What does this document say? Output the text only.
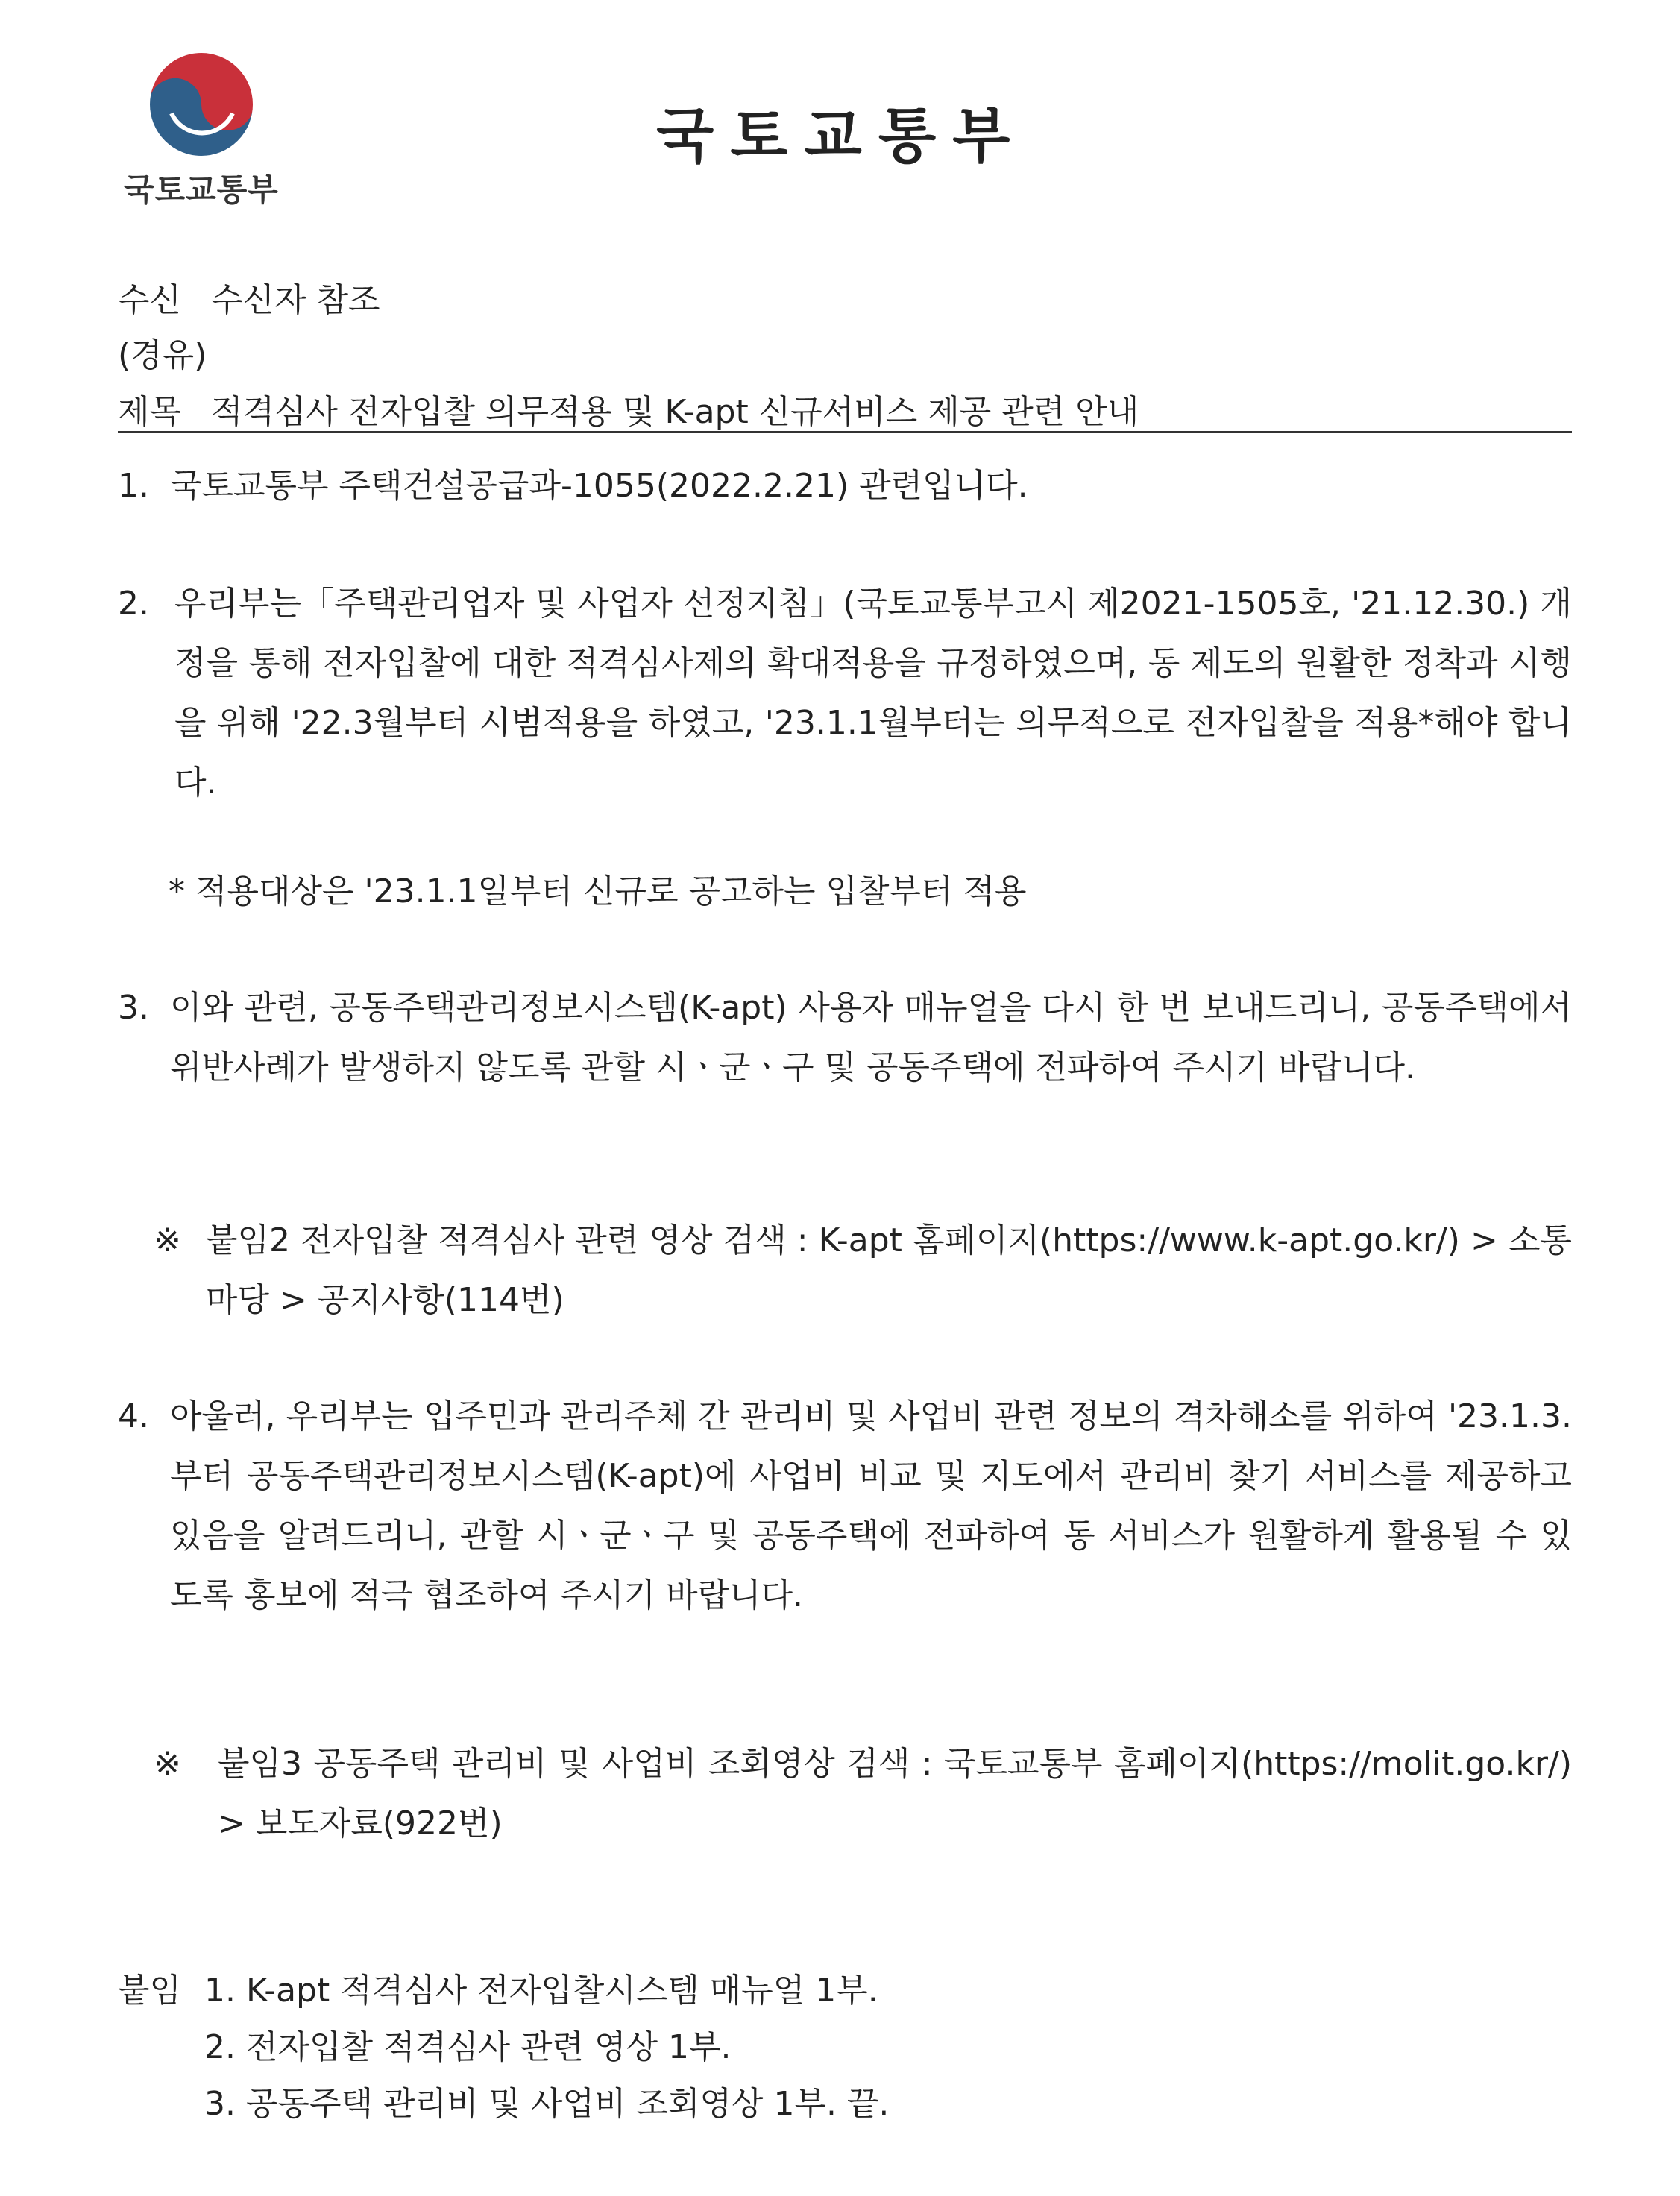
국토교통부
국토교통부
수신 수신자 참조
(경유)
제목 적격심사 전자입찰 의무적용 및 K-apt 신규서비스 제공 관련 안내
1. 국토교통부 주택건설공급과-1055(2022.2.21) 관련입니다.
2. 우리부는「주택관리업자 및 사업자 선정지침」(국토교통부고시 제2021-1505호, '21.12.30.) 개정을 통해 전자입찰에 대한 적격심사제의 확대적용을 규정하였으며, 동 제도의 원활한 정착과 시행을 위해 '22.3월부터 시범적용을 하였고, '23.1.1월부터는 의무적으로 전자입찰을 적용*해야 합니다.
* 적용대상은 '23.1.1일부터 신규로 공고하는 입찰부터 적용
3. 이와 관련, 공동주택관리정보시스템(K-apt) 사용자 매뉴얼을 다시 한 번 보내드리니, 공동주택에서 위반사례가 발생하지 않도록 관할 시ㆍ군ㆍ구 및 공동주택에 전파하여 주시기 바랍니다.
※ 붙임2 전자입찰 적격심사 관련 영상 검색 : K-apt 홈페이지(https://www.k-apt.go.kr/) > 소통마당 > 공지사항(114번)
4. 아울러, 우리부는 입주민과 관리주체 간 관리비 및 사업비 관련 정보의 격차해소를 위하여 '23.1.3.부터 공동주택관리정보시스템(K-apt)에 사업비 비교 및 지도에서 관리비 찾기 서비스를 제공하고 있음을 알려드리니, 관할 시ㆍ군ㆍ구 및 공동주택에 전파하여 동 서비스가 원활하게 활용될 수 있도록 홍보에 적극 협조하여 주시기 바랍니다.
※	붙임3 공동주택 관리비 및 사업비 조회영상 검색 : 국토교통부 홈페이지(https://molit.go.kr/) > 보도자료(922번)
붙임 1. K-apt 적격심사 전자입찰시스템 매뉴얼 1부.
2. 전자입찰 적격심사 관련 영상 1부.
3. 공동주택 관리비 및 사업비 조회영상 1부. 끝.
